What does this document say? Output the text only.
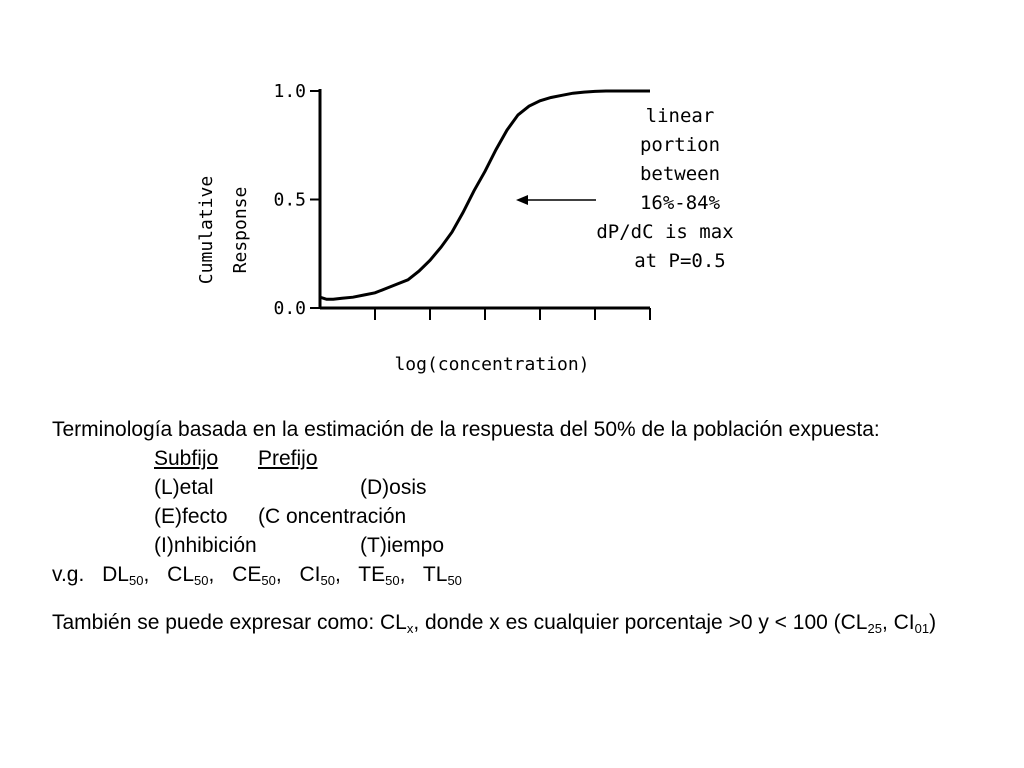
Cumulative Response
1.0
0.5
0.0
linear
portion
between
16%-84%
dP/dC is max
at P=0.5
log(concentration)
Terminología basada en la estimación de la respuesta del 50% de la población expuesta:
Subfijo Prefijo
(L)etal	(D)osis
(E)fecto (C oncentración
(I)nhibición	(T)iempo
v.g. $DL_{50}$, $CL_{50}$, $CE_{50}$, $CI_{50}$, $TE_{50}$, $TL_{50}$
También se puede expresar como: $CL_x$, donde x es cualquier porcentaje >0 y < 100 ($CL_{25}$, $CI_{01}$)
